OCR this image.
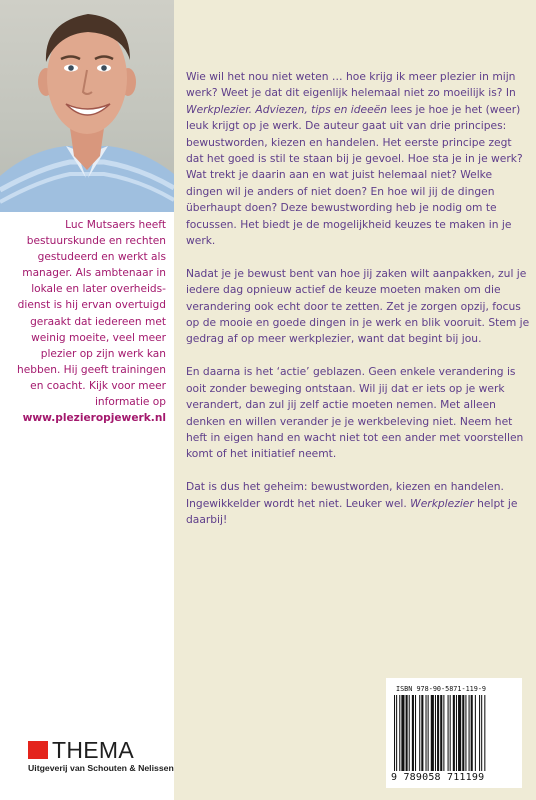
Luc Mutsaers heeft bestuurskunde en rechten gestudeerd en werkt als manager. Als ambtenaar in lokale en later overheids-dienst is hij ervan overtuigd geraakt dat iedereen met weinig moeite, veel meer plezier op zijn werk kan hebben. Hij geeft trainingen en coacht. Kijk voor meer informatie op
www.plezieropjewerk.nl
THEMA
Uitgeverij van Schouten & Nelissen

Wie wil het nou niet weten … hoe krijg ik meer plezier in mijn werk? Weet je dat dit eigenlijk helemaal niet zo moeilijk is? In Werkplezier. Adviezen, tips en ideeën lees je hoe je het (weer) leuk krijgt op je werk. De auteur gaat uit van drie principes: bewustworden, kiezen en handelen. Het eerste principe zegt dat het goed is stil te staan bij je gevoel. Hoe sta je in je werk? Wat trekt je daarin aan en wat juist helemaal niet? Welke dingen wil je anders of niet doen? En hoe wil jij de dingen überhaupt doen? Deze bewustwording heb je nodig om te focussen. Het biedt je de mogelijkheid keuzes te maken in je werk.

Nadat je je bewust bent van hoe jij zaken wilt aanpakken, zul je iedere dag opnieuw actief de keuze moeten maken om die verandering ook echt door te zetten. Zet je zorgen opzij, focus op de mooie en goede dingen in je werk en blik vooruit. Stem je gedrag af op meer werkplezier, want dat begint bij jou.

En daarna is het ‘actie’ geblazen. Geen enkele verandering is ooit zonder beweging ontstaan. Wil jij dat er iets op je werk verandert, dan zul jij zelf actie moeten nemen. Met alleen denken en willen verander je je werkbeleving niet. Neem het heft in eigen hand en wacht niet tot een ander met voorstellen komt of het initiatief neemt.

Dat is dus het geheim: bewustworden, kiezen en handelen. Ingewikkelder wordt het niet. Leuker wel. Werkplezier helpt je daarbij!

ISBN 978-90-5871-119-9
9 789058 711199
